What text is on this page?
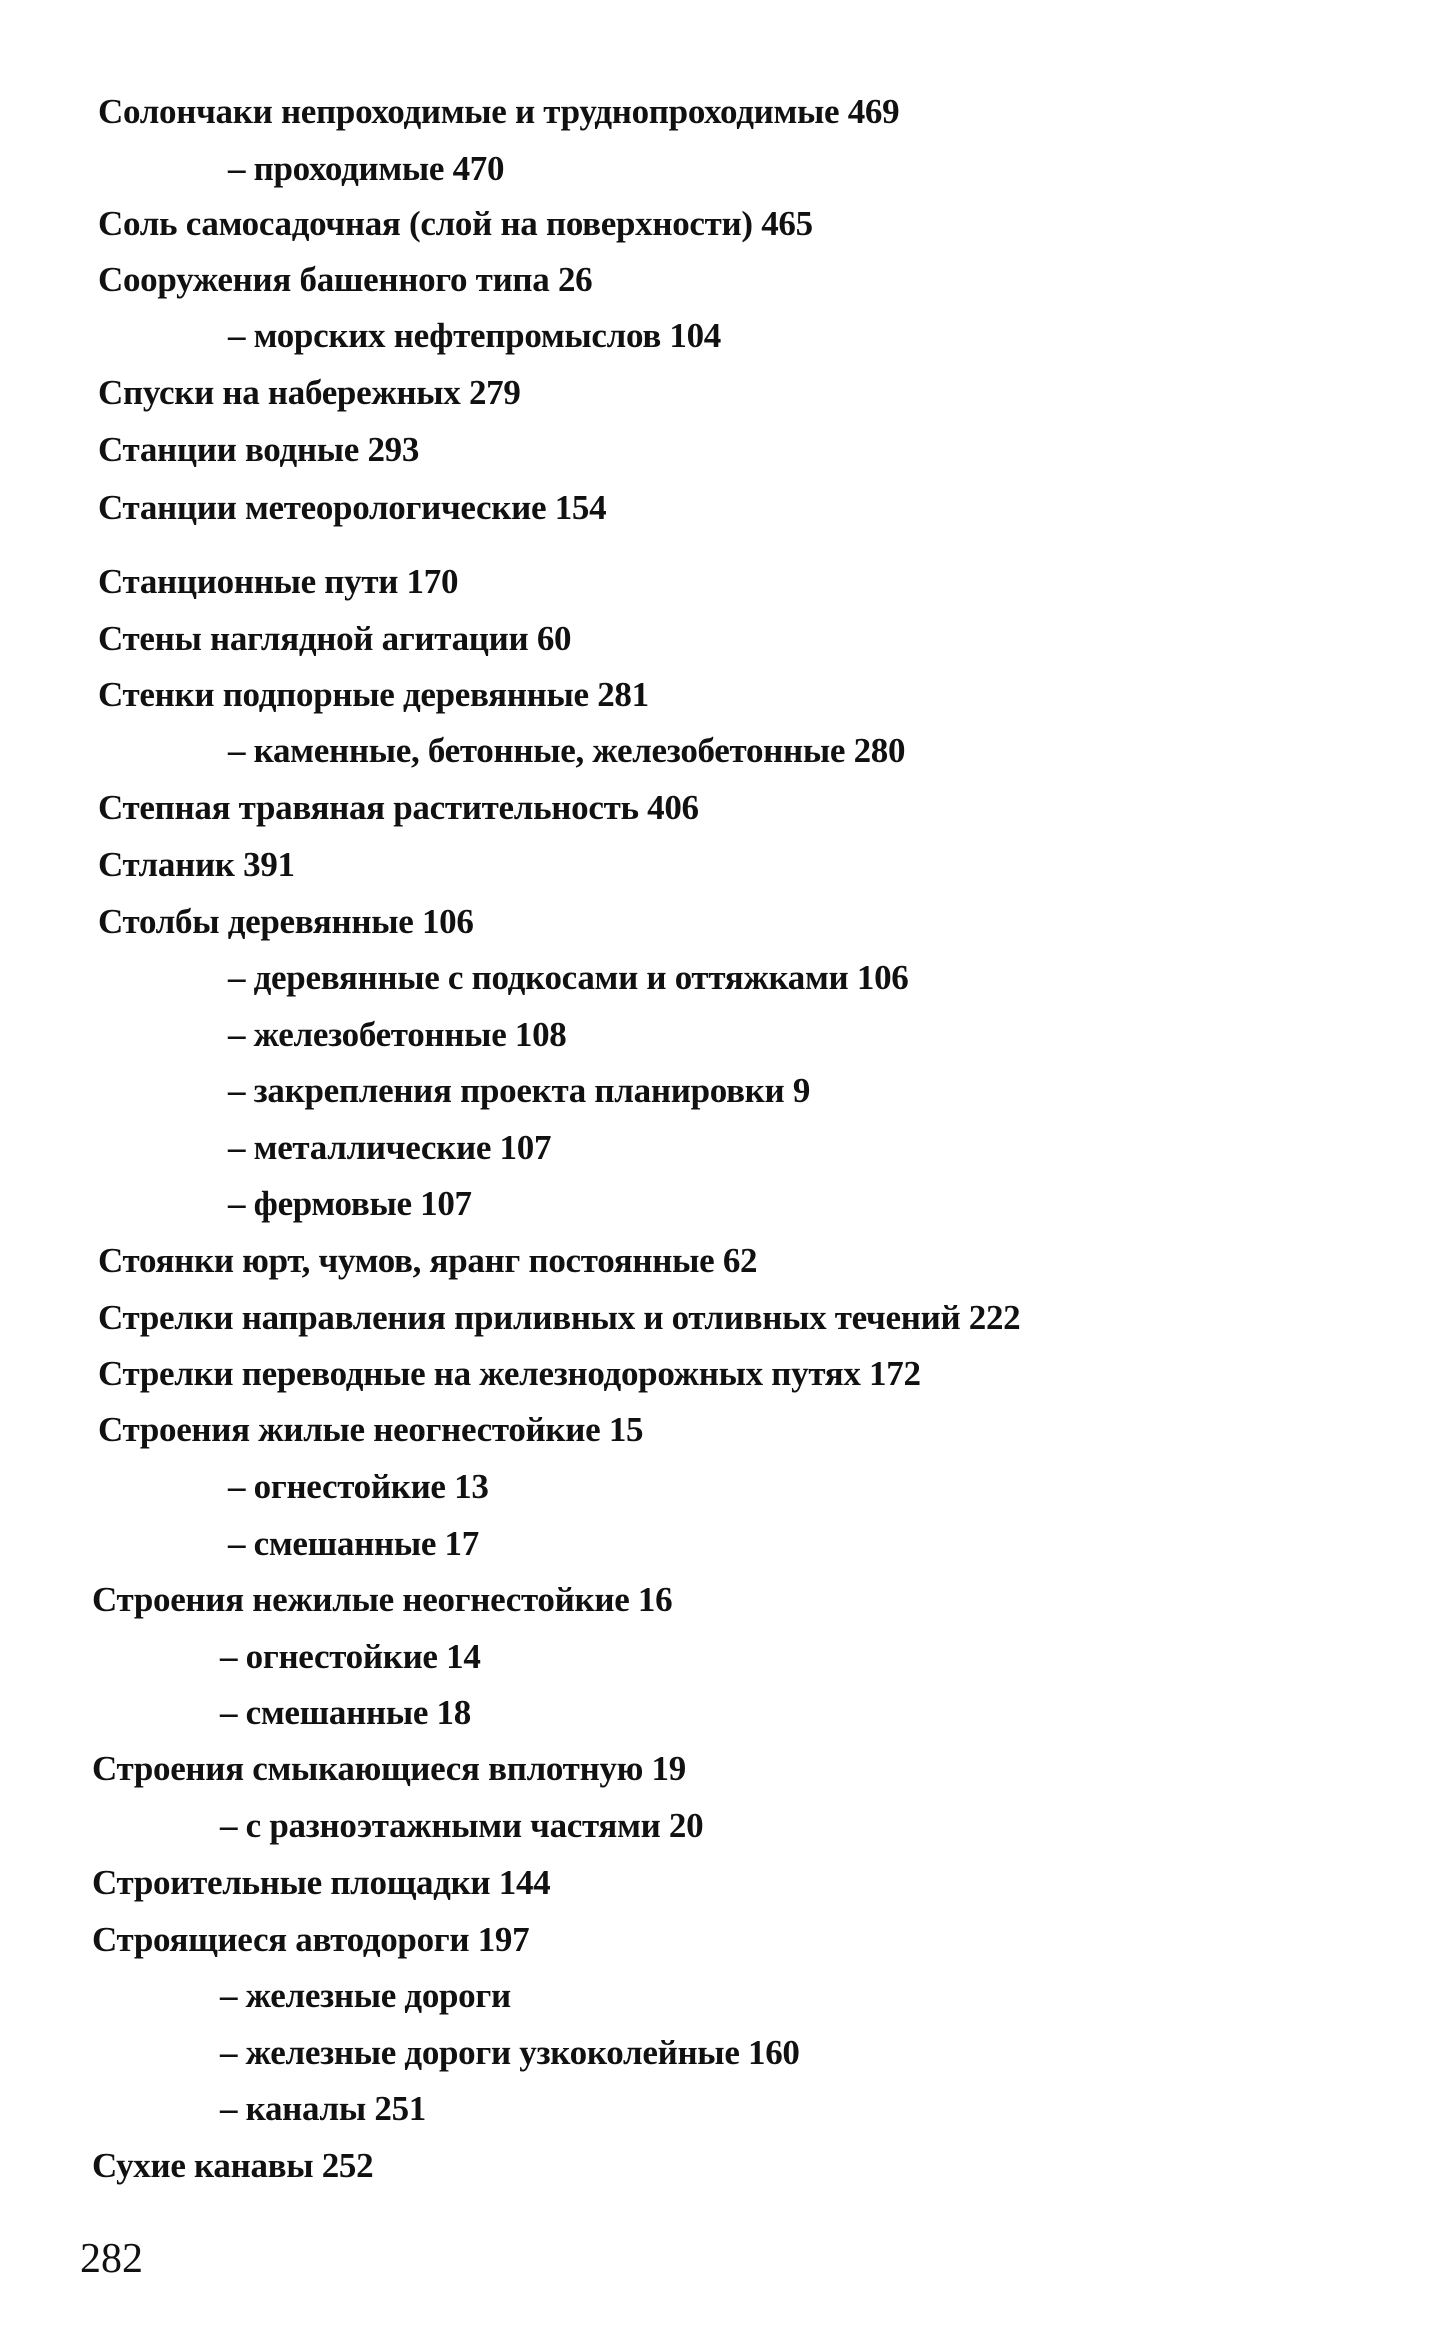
Солончаки непроходимые и труднопроходимые 469
– проходимые 470
Соль самосадочная (слой на поверхности) 465
Сооружения башенного типа 26
– морских нефтепромыслов 104
Спуски на набережных 279
Станции водные 293
Станции метеорологические 154
Станционные пути 170
Стены наглядной агитации 60
Стенки подпорные деревянные 281
– каменные, бетонные, железобетонные 280
Степная травяная растительность 406
Стланик 391
Столбы деревянные 106
– деревянные с подкосами и оттяжками 106
– железобетонные 108
– закрепления проекта планировки 9
– металлические 107
– фермовые 107
Стоянки юрт, чумов, яранг постоянные 62
Стрелки направления приливных и отливных течений 222
Стрелки переводные на железнодорожных путях 172
Строения жилые неогнестойкие 15
– огнестойкие 13
– смешанные 17
Строения нежилые неогнестойкие 16
– огнестойкие 14
– смешанные 18
Строения смыкающиеся вплотную 19
– с разноэтажными частями 20
Строительные площадки 144
Строящиеся автодороги 197
– железные дороги
– железные дороги узкоколейные 160
– каналы 251
Сухие канавы 252
282
